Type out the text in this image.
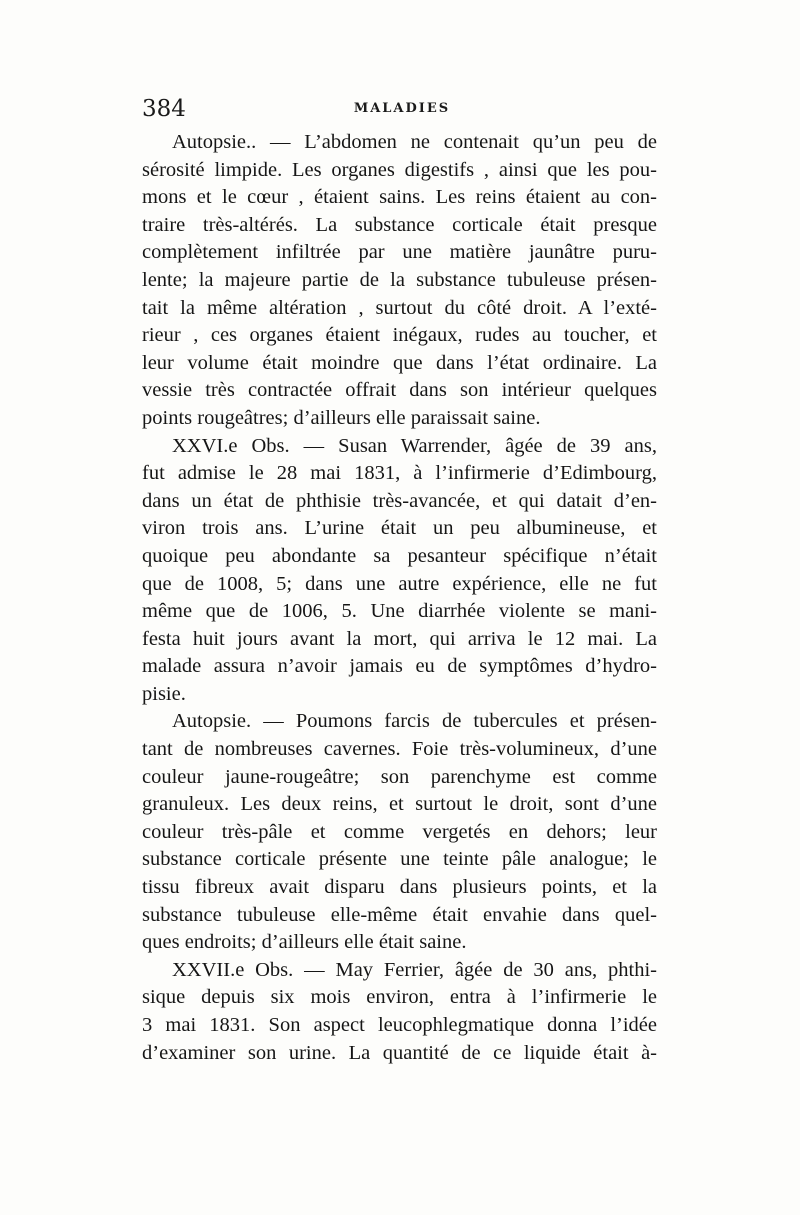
384	MALADIES
Autopsie.. — L’abdomen ne contenait qu’un peu de
sérosité limpide. Les organes digestifs , ainsi que les pou-
mons et le cœur , étaient sains. Les reins étaient au con-
traire très-altérés. La substance corticale était presque
complètement infiltrée par une matière jaunâtre puru-
lente; la majeure partie de la substance tubuleuse présen-
tait la même altération , surtout du côté droit. A l’exté-
rieur , ces organes étaient inégaux, rudes au toucher, et
leur volume était moindre que dans l’état ordinaire. La
vessie très contractée offrait dans son intérieur quelques
points rougeâtres; d’ailleurs elle paraissait saine.
XXVI.e Obs. — Susan Warrender, âgée de 39 ans,
fut admise le 28 mai 1831, à l’infirmerie d’Edimbourg,
dans un état de phthisie très-avancée, et qui datait d’en-
viron trois ans. L’urine était un peu albumineuse, et
quoique peu abondante sa pesanteur spécifique n’était
que de 1008, 5; dans une autre expérience, elle ne fut
même que de 1006, 5. Une diarrhée violente se mani-
festa huit jours avant la mort, qui arriva le 12 mai. La
malade assura n’avoir jamais eu de symptômes d’hydro-
pisie.
Autopsie. — Poumons farcis de tubercules et présen-
tant de nombreuses cavernes. Foie très-volumineux, d’une
couleur jaune-rougeâtre; son parenchyme est comme
granuleux. Les deux reins, et surtout le droit, sont d’une
couleur très-pâle et comme vergetés en dehors; leur
substance corticale présente une teinte pâle analogue; le
tissu fibreux avait disparu dans plusieurs points, et la
substance tubuleuse elle-même était envahie dans quel-
ques endroits; d’ailleurs elle était saine.
XXVII.e Obs. — May Ferrier, âgée de 30 ans, phthi-
sique depuis six mois environ, entra à l’infirmerie le
3 mai 1831. Son aspect leucophlegmatique donna l’idée
d’examiner son urine. La quantité de ce liquide était à-
